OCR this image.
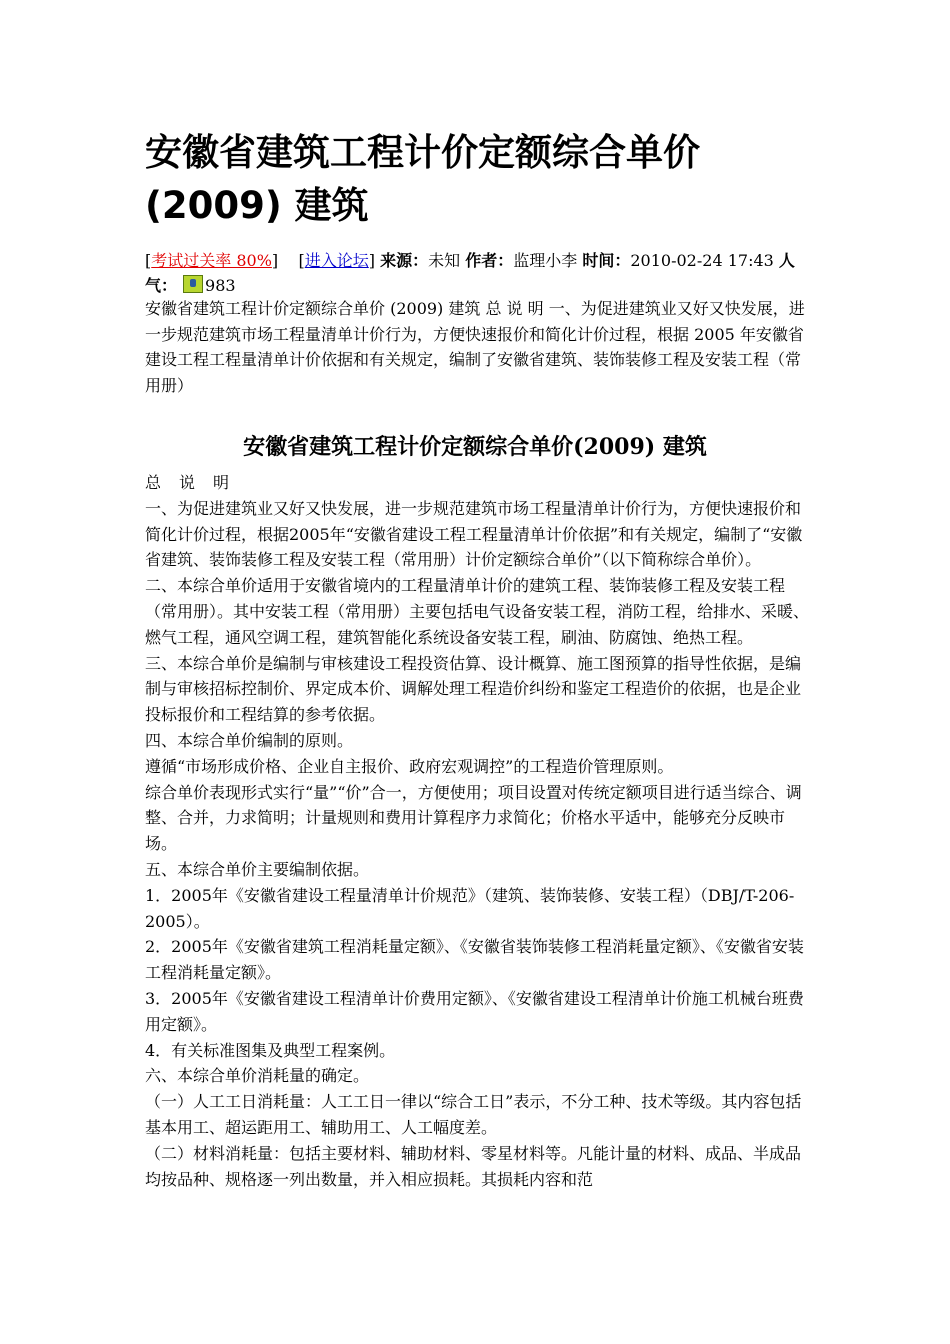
安徽省建筑工程计价定额综合单价
(2009) 建筑
[考试过关率 80%] [进入论坛] 来源：未知 作者：监理小李 时间：2010-02-24 17:43 人气： 983
安徽省建筑工程计价定额综合单价 (2009) 建筑 总 说 明 一、为促进建筑业又好又快发展，进一步规范建筑市场工程量清单计价行为，方便快速报价和简化计价过程，根据 2005 年安徽省建设工程工程量清单计价依据和有关规定，编制了安徽省建筑、装饰装修工程及安装工程（常用册）
安徽省建筑工程计价定额综合单价(2009) 建筑

总说明

一、为促进建筑业又好又快发展，进一步规范建筑市场工程量清单计价行为，方便快速报价和简化计价过程，根据2005年“安徽省建设工程工程量清单计价依据”和有关规定，编制了“安徽省建筑、装饰装修工程及安装工程（常用册）计价定额综合单价”（以下简称综合单价）。

二、本综合单价适用于安徽省境内的工程量清单计价的建筑工程、装饰装修工程及安装工程（常用册）。其中安装工程（常用册）主要包括电气设备安装工程，消防工程，给排水、采暖、燃气工程，通风空调工程，建筑智能化系统设备安装工程，刷油、防腐蚀、绝热工程。

三、本综合单价是编制与审核建设工程投资估算、设计概算、施工图预算的指导性依据，是编制与审核招标控制价、界定成本价、调解处理工程造价纠纷和鉴定工程造价的依据，也是企业投标报价和工程结算的参考依据。

四、本综合单价编制的原则。

遵循“市场形成价格、企业自主报价、政府宏观调控”的工程造价管理原则。

综合单价表现形式实行“量”“价”合一，方便使用；项目设置对传统定额项目进行适当综合、调整、合并，力求简明；计量规则和费用计算程序力求简化；价格水平适中，能够充分反映市场。

五、本综合单价主要编制依据。

1．2005年《安徽省建设工程量清单计价规范》（建筑、装饰装修、安装工程）（DBJ/T-206-2005）。

2．2005年《安徽省建筑工程消耗量定额》、《安徽省装饰装修工程消耗量定额》、《安徽省安装工程消耗量定额》。

3．2005年《安徽省建设工程清单计价费用定额》、《安徽省建设工程清单计价施工机械台班费用定额》。

4．有关标准图集及典型工程案例。

六、本综合单价消耗量的确定。

（一）人工工日消耗量：人工工日一律以“综合工日”表示，不分工种、技术等级。其内容包括基本用工、超运距用工、辅助用工、人工幅度差。

（二）材料消耗量：包括主要材料、辅助材料、零星材料等。凡能计量的材料、成品、半成品均按品种、规格逐一列出数量，并入相应损耗。其损耗内容和范
